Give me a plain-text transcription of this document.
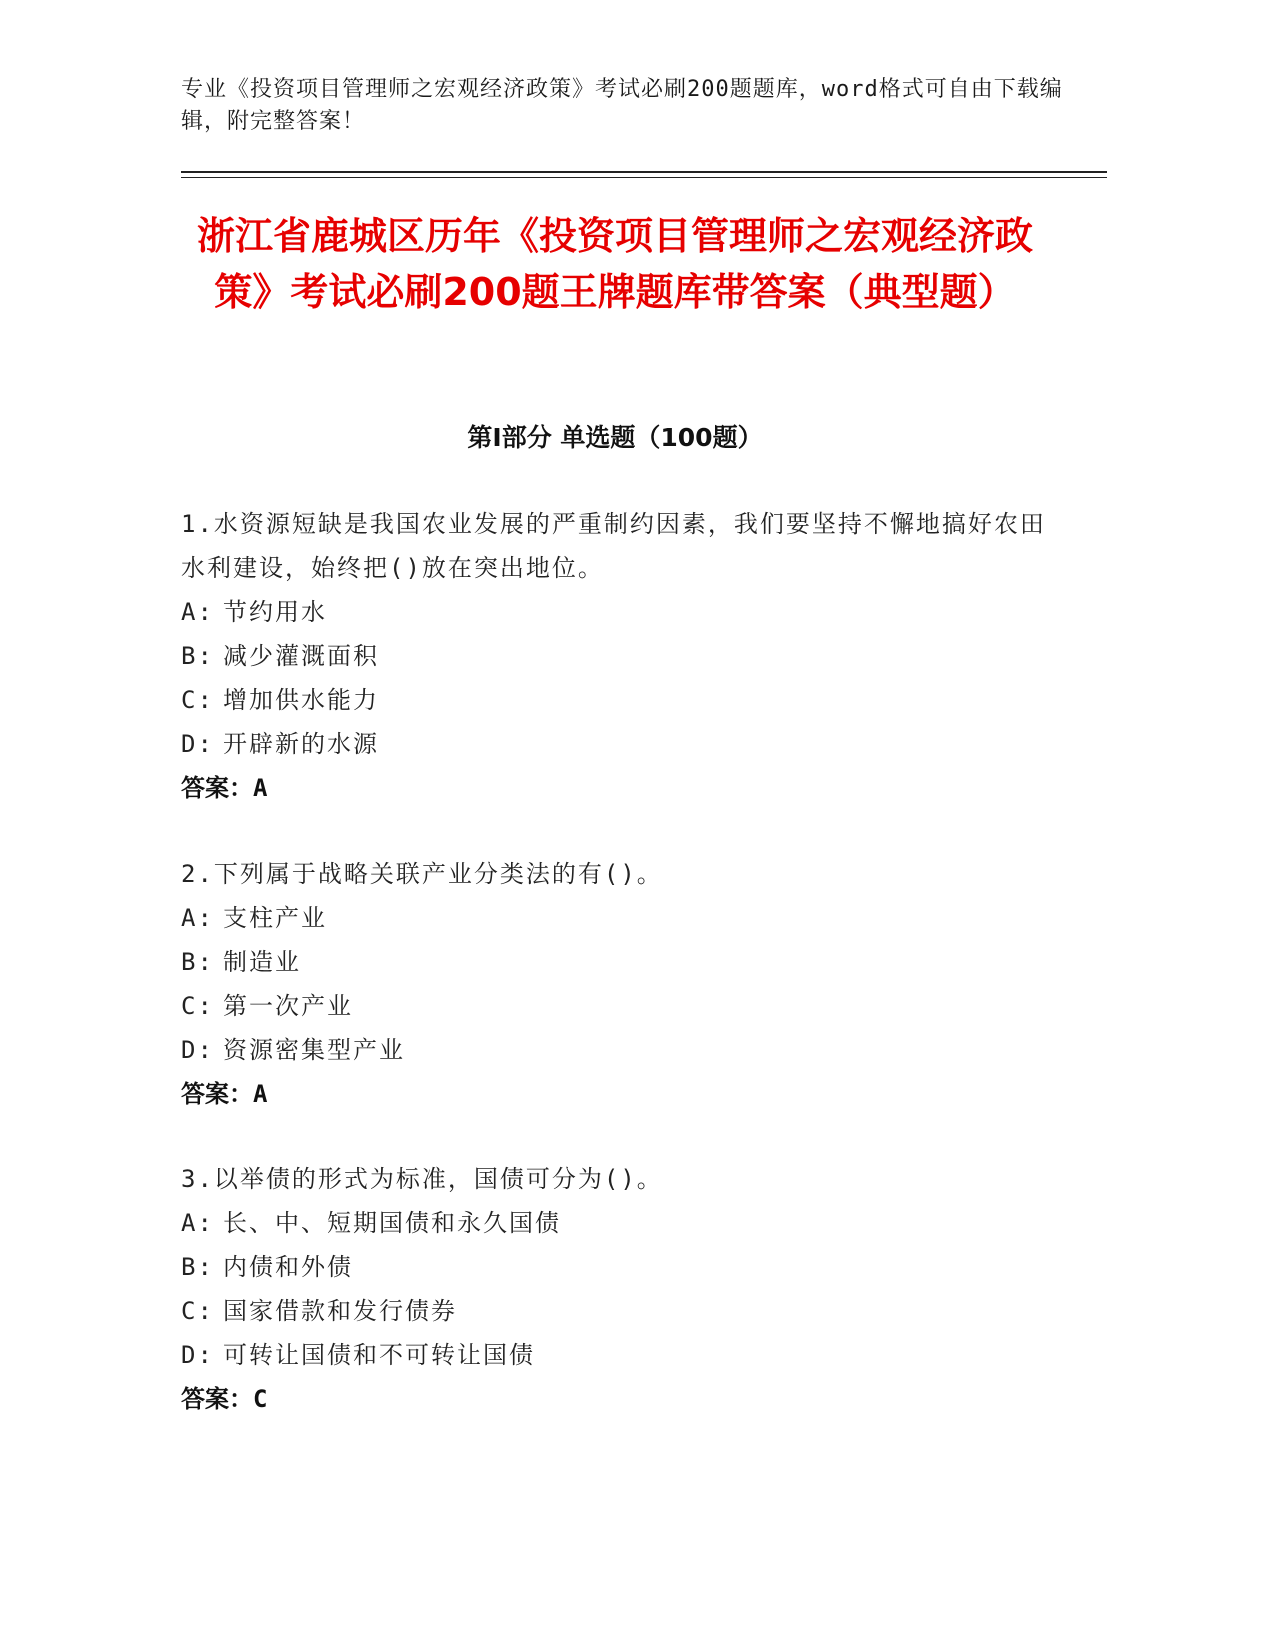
专业《投资项目管理师之宏观经济政策》考试必刷200题题库，word格式可自由下载编辑，附完整答案！
浙江省鹿城区历年《投资项目管理师之宏观经济政策》考试必刷200题王牌题库带答案（典型题）
第I部分 单选题（100题）
1.水资源短缺是我国农业发展的严重制约因素，我们要坚持不懈地搞好农田水利建设，始终把()放在突出地位。
A: 节约用水
B: 减少灌溉面积
C: 增加供水能力
D: 开辟新的水源
答案：A
2.下列属于战略关联产业分类法的有()。
A: 支柱产业
B: 制造业
C: 第一次产业
D: 资源密集型产业
答案：A
3.以举债的形式为标准，国债可分为()。
A: 长、中、短期国债和永久国债
B: 内债和外债
C: 国家借款和发行债券
D: 可转让国债和不可转让国债
答案：C
